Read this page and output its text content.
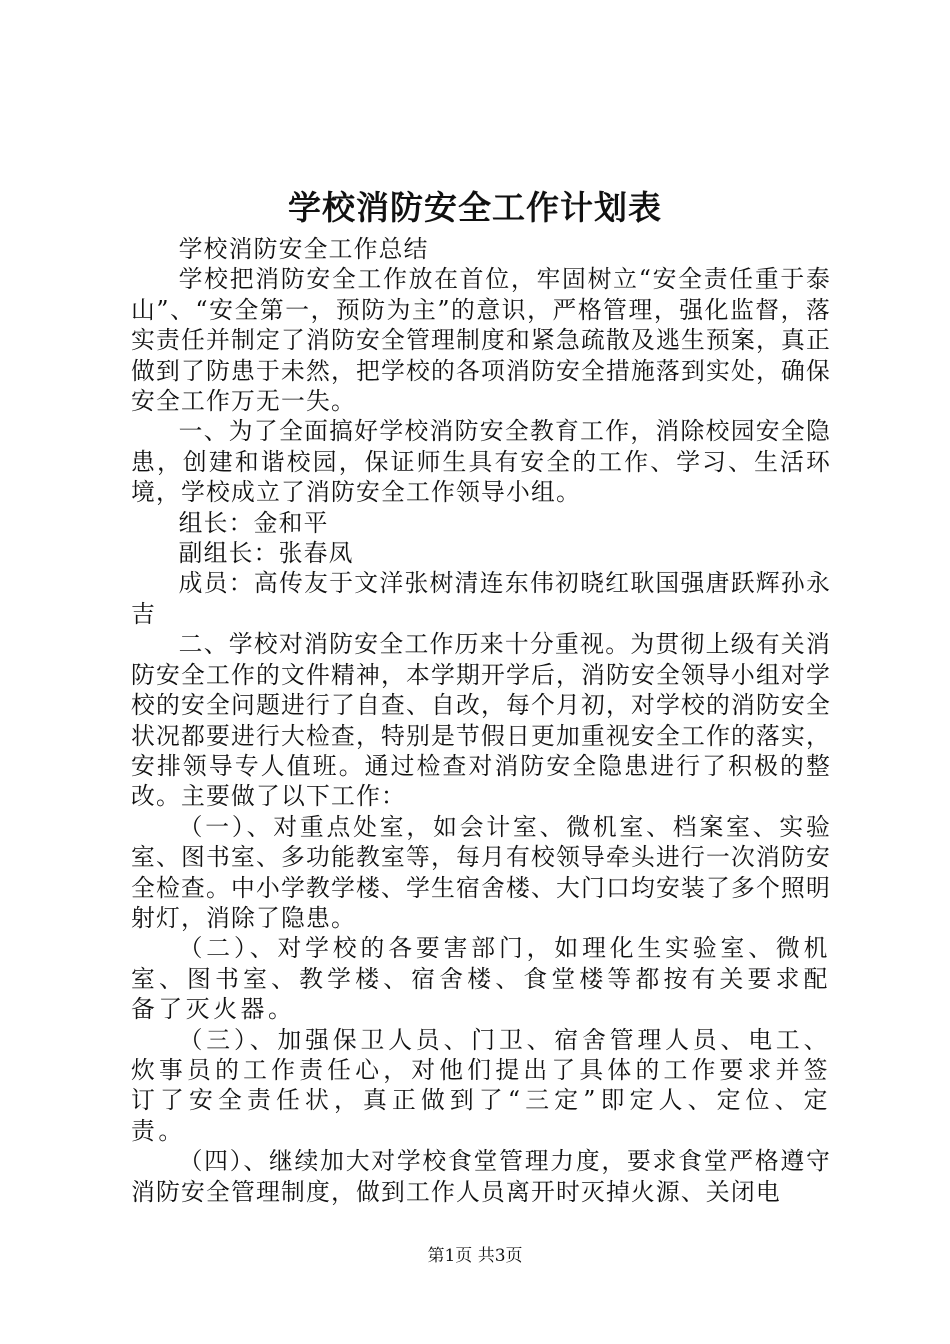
学校消防安全工作计划表

学校消防安全工作总结

学校把消防安全工作放在首位，牢固树立“安全责任重于泰山”、“安全第一，预防为主”的意识，严格管理，强化监督，落实责任并制定了消防安全管理制度和紧急疏散及逃生预案，真正做到了防患于未然，把学校的各项消防安全措施落到实处，确保安全工作万无一失。

一、为了全面搞好学校消防安全教育工作，消除校园安全隐患，创建和谐校园，保证师生具有安全的工作、学习、生活环境，学校成立了消防安全工作领导小组。

组长：金和平

副组长：张春凤

成员：高传友于文洋张树清连东伟初晓红耿国强唐跃辉孙永吉

二、学校对消防安全工作历来十分重视。为贯彻上级有关消防安全工作的文件精神，本学期开学后，消防安全领导小组对学校的安全问题进行了自查、自改，每个月初，对学校的消防安全状况都要进行大检查，特别是节假日更加重视安全工作的落实，安排领导专人值班。通过检查对消防安全隐患进行了积极的整改。主要做了以下工作：

（一）、对重点处室，如会计室、微机室、档案室、实验室、图书室、多功能教室等，每月有校领导牵头进行一次消防安全检查。中小学教学楼、学生宿舍楼、大门口均安装了多个照明射灯，消除了隐患。

（二）、对学校的各要害部门，如理化生实验室、微机室、图书室、教学楼、宿舍楼、食堂楼等都按有关要求配备了灭火器。

（三）、加强保卫人员、门卫、宿舍管理人员、电工、炊事员的工作责任心，对他们提出了具体的工作要求并签订了安全责任状，真正做到了“三定”即定人、定位、定责。

（四）、继续加大对学校食堂管理力度，要求食堂严格遵守消防安全管理制度，做到工作人员离开时灭掉火源、关闭电

第1页 共3页
